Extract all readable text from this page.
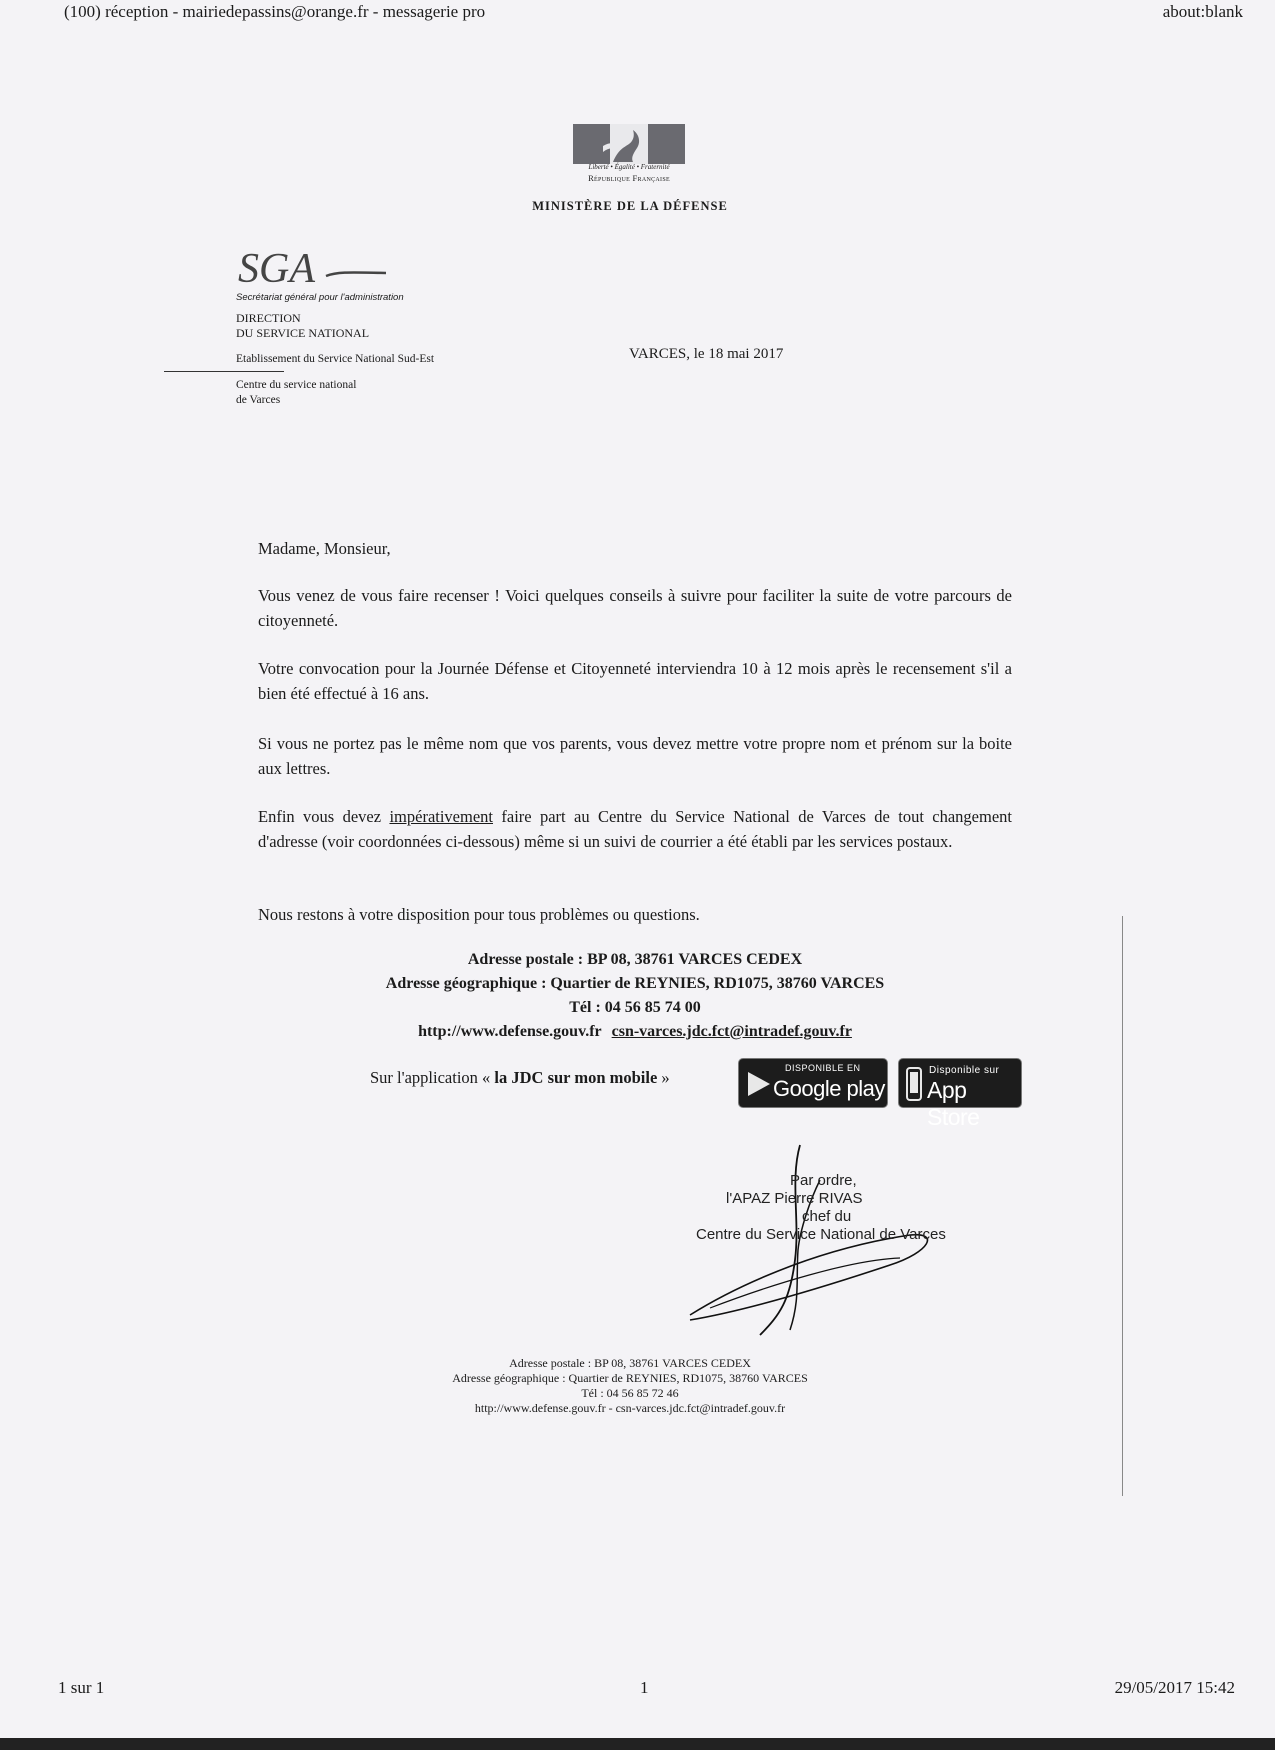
(100) réception - mairiedepassins@orange.fr - messagerie pro	about:blank
Liberté • Égalité • Fraternité
République Française
MINISTÈRE DE LA DÉFENSE
SGA
Secrétariat général pour l'administration
DIRECTION
DU SERVICE NATIONAL
Etablissement du Service National Sud-Est
Centre du service national
de Varces
VARCES, le 18 mai 2017
Madame, Monsieur,
Vous venez de vous faire recenser ! Voici quelques conseils à suivre pour faciliter la suite de votre parcours de citoyenneté.
Votre convocation pour la Journée Défense et Citoyenneté interviendra 10 à 12 mois après le recensement s'il a bien été effectué à 16 ans.
Si vous ne portez pas le même nom que vos parents, vous devez mettre votre propre nom et prénom sur la boite aux lettres.
Enfin vous devez impérativement faire part au Centre du Service National de Varces de tout changement d'adresse (voir coordonnées ci-dessous) même si un suivi de courrier a été établi par les services postaux.
Nous restons à votre disposition pour tous problèmes ou questions.
Adresse postale : BP 08, 38761 VARCES CEDEX
Adresse géographique : Quartier de REYNIES, RD1075, 38760 VARCES
Tél : 04 56 85 74 00
http://www.defense.gouv.fr csn-varces.jdc.fct@intradef.gouv.fr
Sur l'application « la JDC sur mon mobile »	DISPONIBLE EN
Google play
Disponible sur
App Store
Par ordre,
l'APAZ Pierre RIVAS
chef du
Centre du Service National de Varces
Adresse postale : BP 08, 38761 VARCES CEDEX
Adresse géographique : Quartier de REYNIES, RD1075, 38760 VARCES
Tél : 04 56 85 72 46
http://www.defense.gouv.fr - csn-varces.jdc.fct@intradef.gouv.fr
1 sur 1	1	29/05/2017 15:42
